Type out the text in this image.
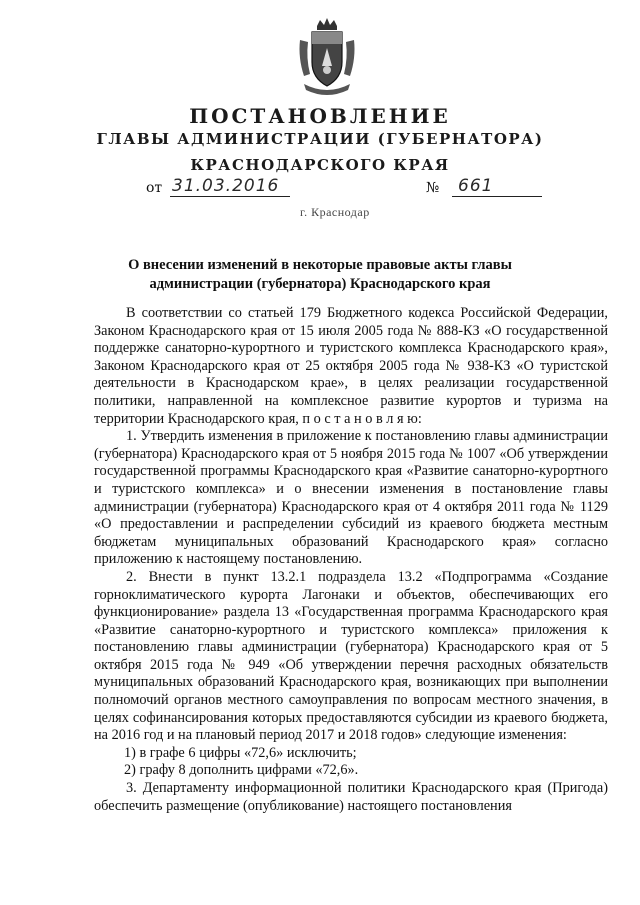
ПОСТАНОВЛЕНИЕ
ГЛАВЫ АДМИНИСТРАЦИИ (ГУБЕРНАТОРА)
КРАСНОДАРСКОГО КРАЯ
от 31.03.2016	№	661
г. Краснодар
О внесении изменений в некоторые правовые акты главы администрации (губернатора) Краснодарского края

В соответствии со статьей 179 Бюджетного кодекса Российской Федерации, Законом Краснодарского края от 15 июля 2005 года № 888-КЗ «О государственной поддержке санаторно-курортного и туристского комплекса Краснодарского края», Законом Краснодарского края от 25 октября 2005 года № 938-КЗ «О туристской деятельности в Краснодарском крае», в целях реализации государственной политики, направленной на комплексное развитие курортов и туризма на территории Краснодарского края, п о с т а н о в л я ю:

1. Утвердить изменения в приложение к постановлению главы администрации (губернатора) Краснодарского края от 5 ноября 2015 года № 1007 «Об утверждении государственной программы Краснодарского края «Развитие санаторно-курортного и туристского комплекса» и о внесении изменения в постановление главы администрации (губернатора) Краснодарского края от 4 октября 2011 года № 1129 «О предоставлении и распределении субсидий из краевого бюджета местным бюджетам муниципальных образований Краснодарского края» согласно приложению к настоящему постановлению.

2. Внести в пункт 13.2.1 подраздела 13.2 «Подпрограмма «Создание горноклиматического курорта Лагонаки и объектов, обеспечивающих его функционирование» раздела 13 «Государственная программа Краснодарского края «Развитие санаторно-курортного и туристского комплекса» приложения к постановлению главы администрации (губернатора) Краснодарского края от 5 октября 2015 года № 949 «Об утверждении перечня расходных обязательств муниципальных образований Краснодарского края, возникающих при выполнении полномочий органов местного самоуправления по вопросам местного значения, в целях софинансирования которых предоставляются субсидии из краевого бюджета, на 2016 год и на плановый период 2017 и 2018 годов» следующие изменения:

1) в графе 6 цифры «72,6» исключить;

2) графу 8 дополнить цифрами «72,6».

3. Департаменту информационной политики Краснодарского края (Пригода) обеспечить размещение (опубликование) настоящего постановления
